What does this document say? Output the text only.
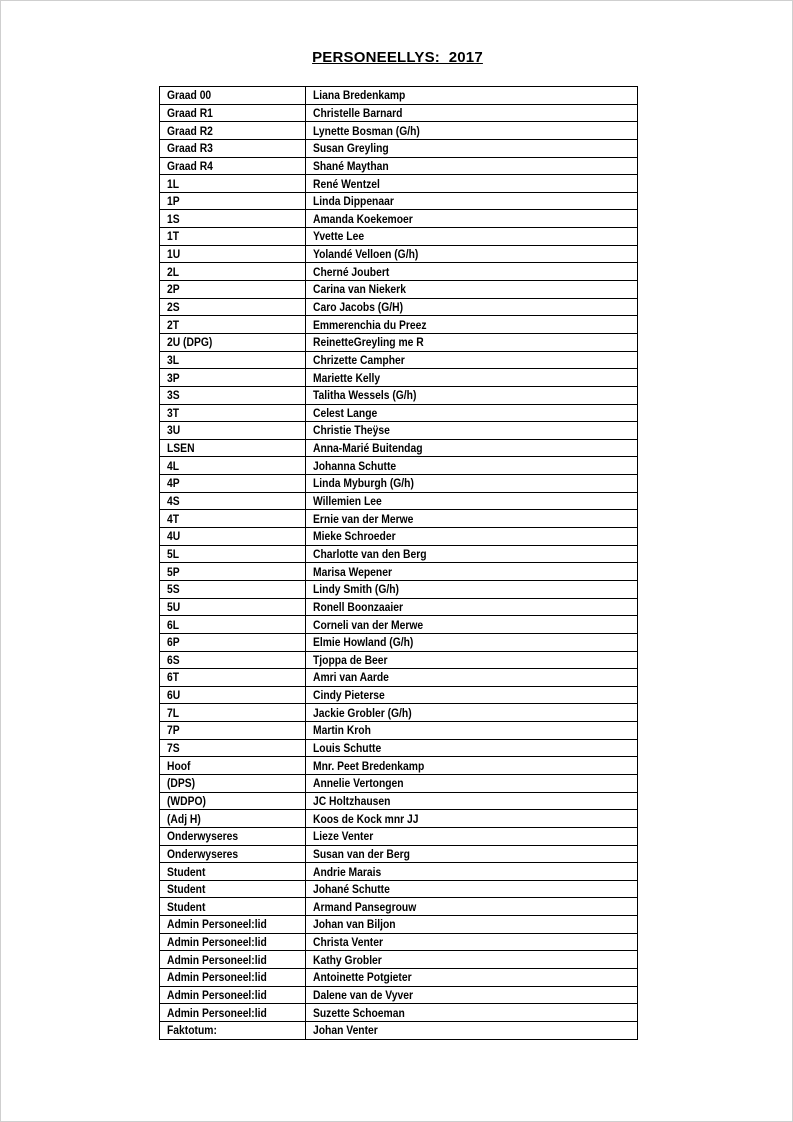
PERSONEELLYS:  2017
Graad 00	Liana Bredenkamp
Graad R1	Christelle Barnard
Graad R2	Lynette Bosman (G/h)
Graad R3	Susan Greyling
Graad R4	Shané Maythan
1L	René Wentzel
1P	Linda Dippenaar
1S	Amanda Koekemoer
1T	Yvette Lee
1U	Yolandé Velloen (G/h)
2L	Cherné Joubert
2P	Carina van Niekerk
2S	Caro Jacobs (G/H)
2T	Emmerenchia du Preez
2U (DPG)	ReinetteGreyling me R
3L	Chrizette Campher
3P	Mariette Kelly
3S	Talitha Wessels (G/h)
3T	Celest Lange
3U	Christie Theÿse
LSEN	Anna-Marié Buitendag
4L	Johanna Schutte
4P	Linda Myburgh (G/h)
4S	Willemien Lee
4T	Ernie van der Merwe
4U	Mieke Schroeder
5L	Charlotte van den Berg
5P	Marisa Wepener
5S	Lindy Smith (G/h)
5U	Ronell Boonzaaier
6L	Corneli van der Merwe
6P	Elmie Howland (G/h)
6S	Tjoppa de Beer
6T	Amri van Aarde
6U	Cindy Pieterse
7L	Jackie Grobler (G/h)
7P	Martin Kroh
7S	Louis Schutte
Hoof	Mnr. Peet Bredenkamp
(DPS)	Annelie Vertongen
(WDPO)	JC Holtzhausen
(Adj H)	Koos de Kock mnr JJ
Onderwyseres	Lieze Venter
Onderwyseres	Susan van der Berg
Student	Andrie Marais
Student	Johané Schutte
Student	Armand Pansegrouw
Admin Personeel:lid	Johan van Biljon
Admin Personeel:lid	Christa Venter
Admin Personeel:lid	Kathy Grobler
Admin Personeel:lid	Antoinette Potgieter
Admin Personeel:lid	Dalene van de Vyver
Admin Personeel:lid	Suzette Schoeman
Faktotum:	Johan Venter
